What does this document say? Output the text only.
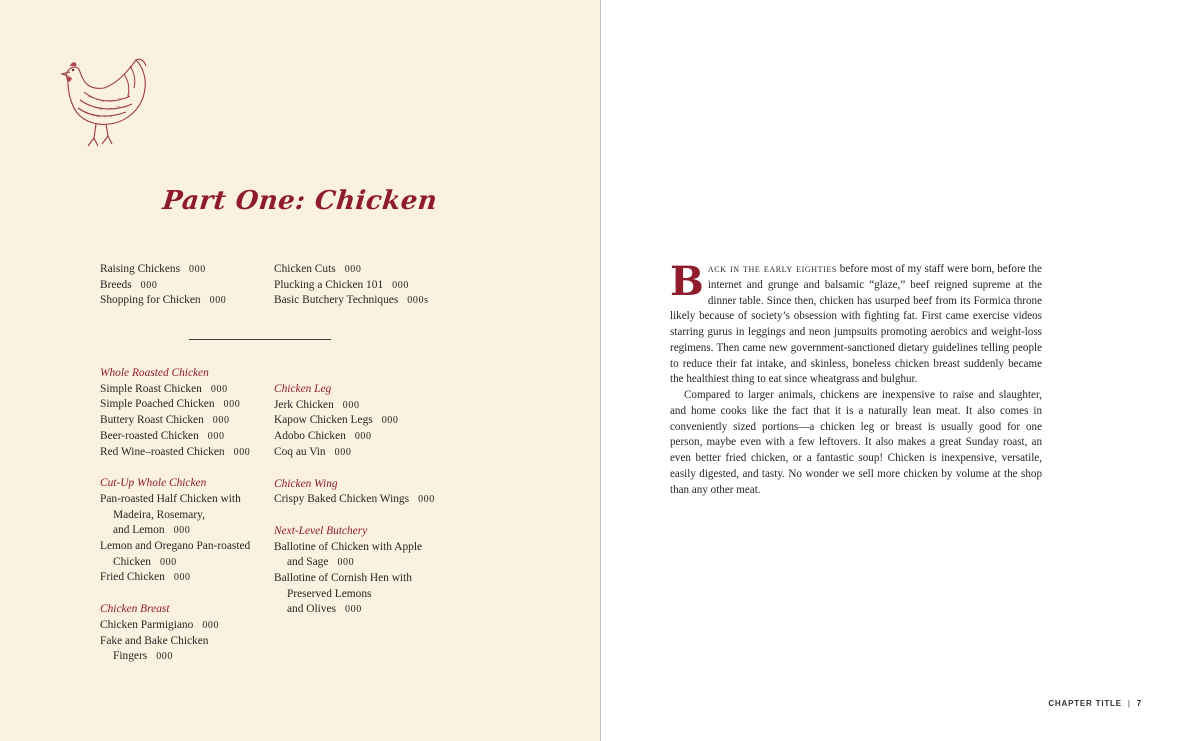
Part One: Chicken
Raising Chickens 000
Breeds 000
Shopping for Chicken 000
Chicken Cuts 000
Plucking a Chicken 101 000
Basic Butchery Techniques 000s
Whole Roasted Chicken
Simple Roast Chicken 000
Simple Poached Chicken 000
Buttery Roast Chicken 000
Beer-roasted Chicken 000
Red Wine–roasted Chicken 000
Cut-Up Whole Chicken
Pan-roasted Half Chicken with
Madeira, Rosemary,
and Lemon 000
Lemon and Oregano Pan-roasted
Chicken 000
Fried Chicken 000
Chicken Breast
Chicken Parmigiano 000
Fake and Bake Chicken
Fingers 000
Chicken Leg
Jerk Chicken 000
Kapow Chicken Legs 000
Adobo Chicken 000
Coq au Vin 000
Chicken Wing
Crispy Baked Chicken Wings 000
Next-Level Butchery
Ballotine of Chicken with Apple
and Sage 000
Ballotine of Cornish Hen with
Preserved Lemons
and Olives 000

Back in the early eighties before most of my staff were born, before the internet and grunge and balsamic “glaze,” beef reigned supreme at the dinner table. Since then, chicken has usurped beef from its Formica throne likely because of society’s obsession with fighting fat. First came exercise videos starring gurus in leggings and neon jumpsuits promoting aerobics and weight-loss regimens. Then came new government-sanctioned dietary guidelines telling people to reduce their fat intake, and skinless, boneless chicken breast suddenly became the healthiest thing to eat since wheatgrass and bulghur.

Compared to larger animals, chickens are inexpensive to raise and slaughter, and home cooks like the fact that it is a naturally lean meat. It also comes in conveniently sized portions—a chicken leg or breast is usually good for one person, maybe even with a few leftovers. It also makes a great Sunday roast, an even better fried chicken, or a fantastic soup! Chicken is inexpensive, versatile, easily digested, and tasty. No wonder we sell more chicken by volume at the shop than any other meat.

CHAPTER TITLE | 7
